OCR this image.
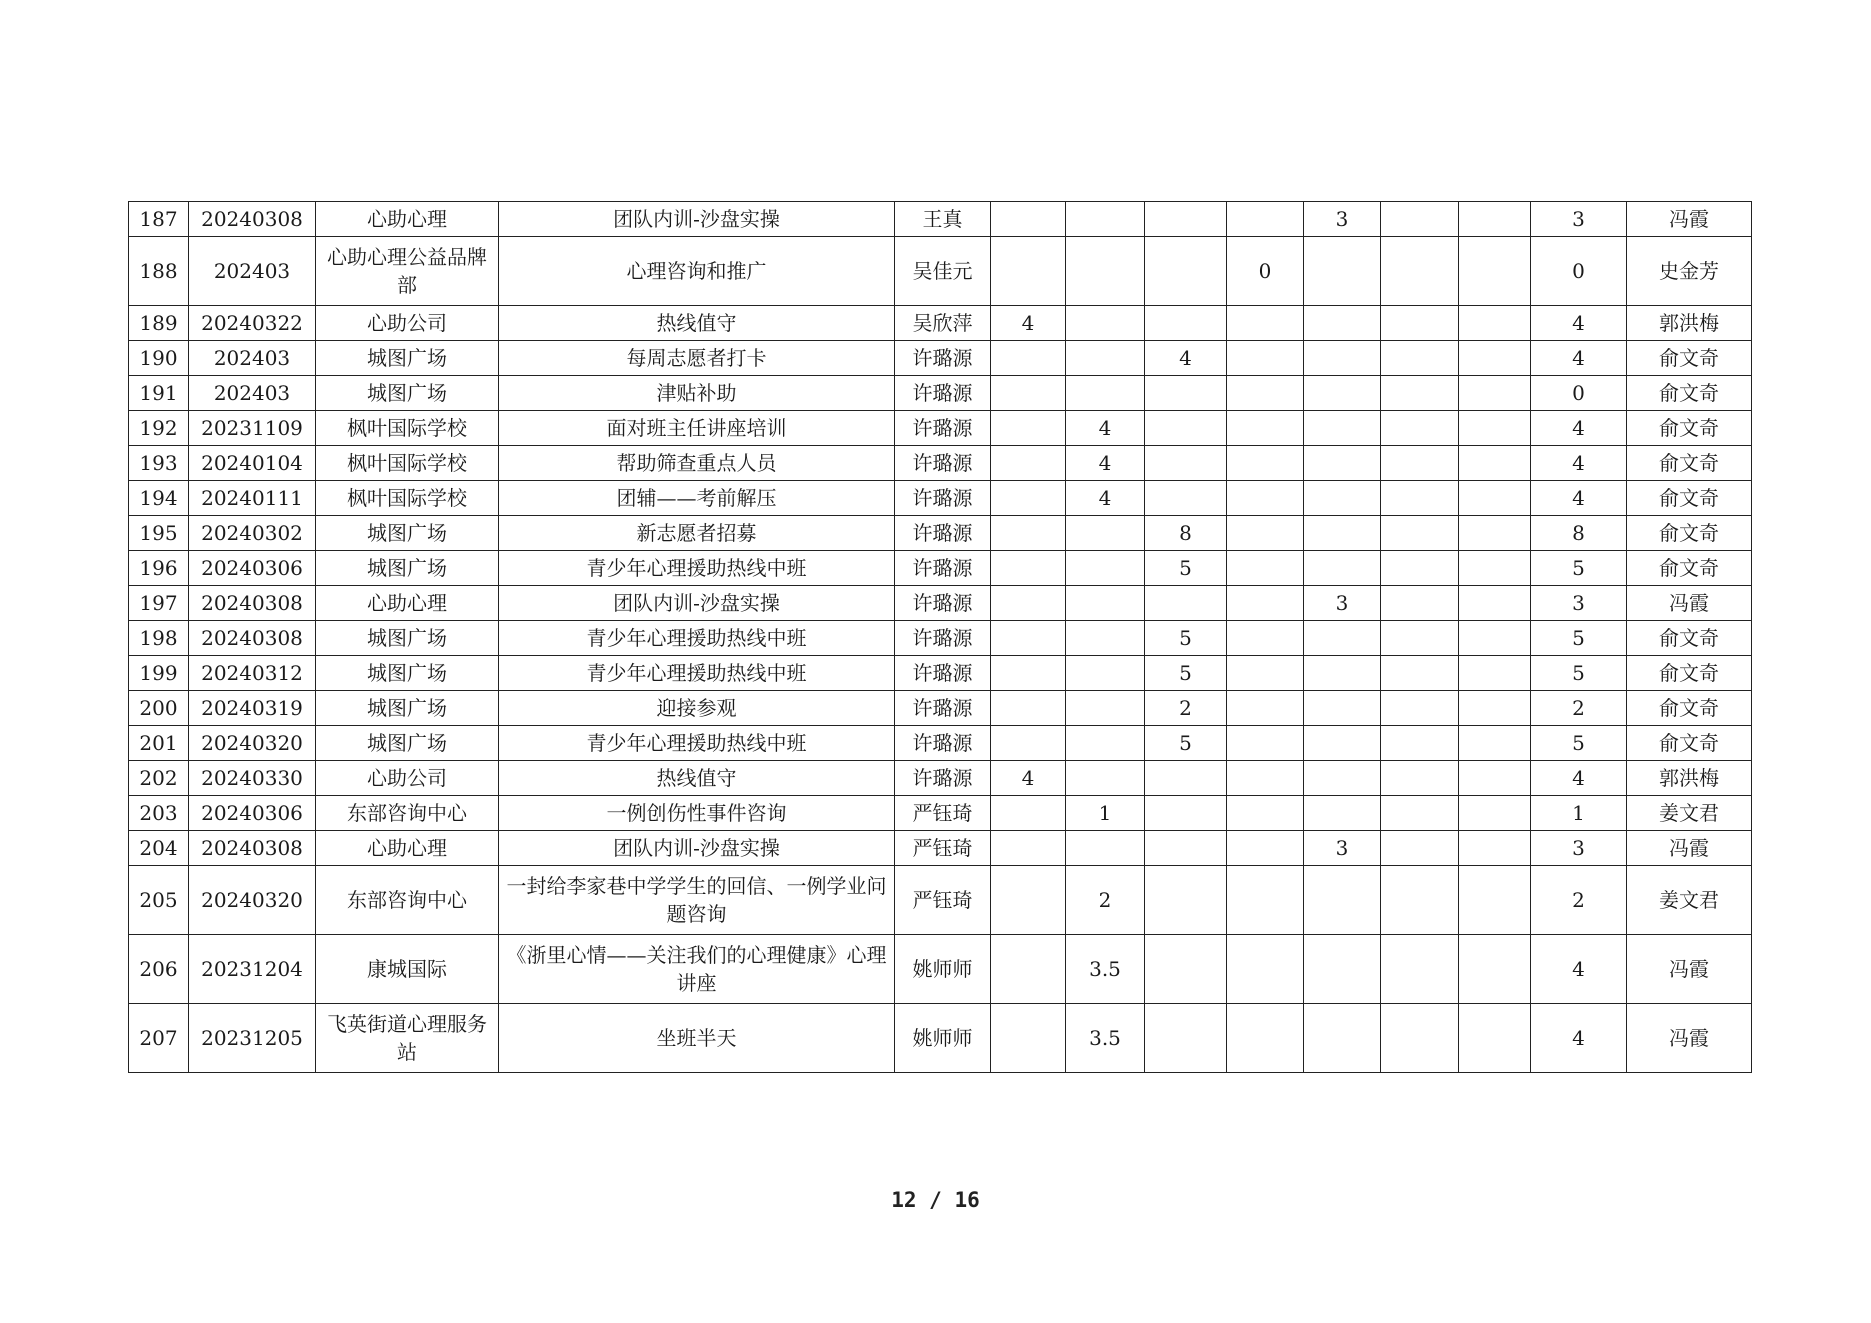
187	20240308	心助心理	团队内训-沙盘实操	王真					3			3	冯霞
188	202403	心助心理公益品牌部	心理咨询和推广	吴佳元				0				0	史金芳
189	20240322	心助公司	热线值守	吴欣萍	4							4	郭洪梅
190	202403	城图广场	每周志愿者打卡	许璐源			4					4	俞文奇
191	202403	城图广场	津贴补助	许璐源								0	俞文奇
192	20231109	枫叶国际学校	面对班主任讲座培训	许璐源		4						4	俞文奇
193	20240104	枫叶国际学校	帮助筛查重点人员	许璐源		4						4	俞文奇
194	20240111	枫叶国际学校	团辅——考前解压	许璐源		4						4	俞文奇
195	20240302	城图广场	新志愿者招募	许璐源			8					8	俞文奇
196	20240306	城图广场	青少年心理援助热线中班	许璐源			5					5	俞文奇
197	20240308	心助心理	团队内训-沙盘实操	许璐源					3			3	冯霞
198	20240308	城图广场	青少年心理援助热线中班	许璐源			5					5	俞文奇
199	20240312	城图广场	青少年心理援助热线中班	许璐源			5					5	俞文奇
200	20240319	城图广场	迎接参观	许璐源			2					2	俞文奇
201	20240320	城图广场	青少年心理援助热线中班	许璐源			5					5	俞文奇
202	20240330	心助公司	热线值守	许璐源	4							4	郭洪梅
203	20240306	东部咨询中心	一例创伤性事件咨询	严钰琦		1						1	姜文君
204	20240308	心助心理	团队内训-沙盘实操	严钰琦					3			3	冯霞
205	20240320	东部咨询中心	一封给李家巷中学学生的回信、一例学业问题咨询	严钰琦		2						2	姜文君
206	20231204	康城国际	《浙里心情——关注我们的心理健康》心理讲座	姚师师		3.5						4	冯霞
207	20231205	飞英街道心理服务站	坐班半天	姚师师		3.5						4	冯霞
12 / 16
